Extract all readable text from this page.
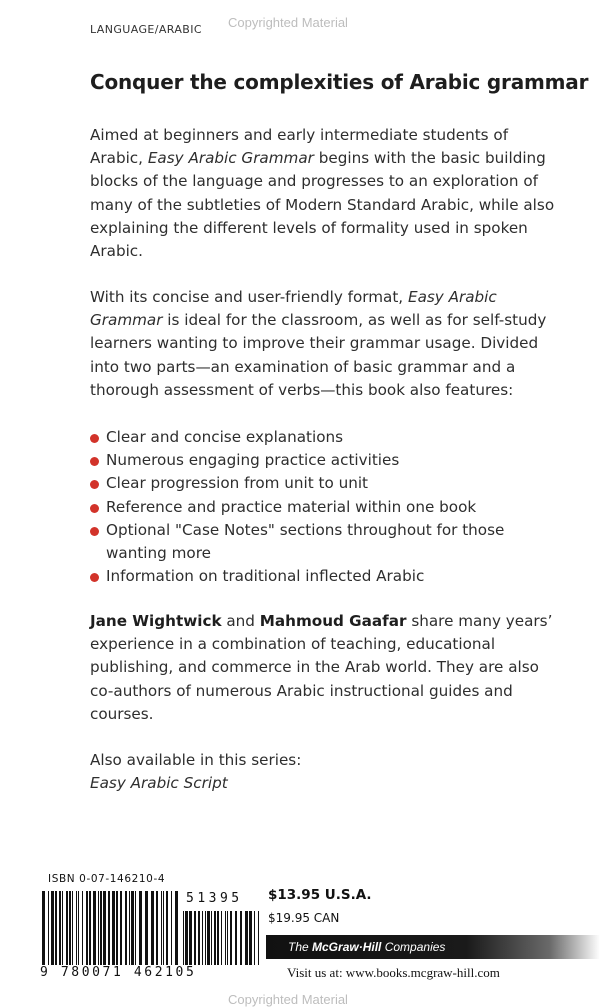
Copyrighted Material
LANGUAGE/ARABIC
Conquer the complexities of Arabic grammar

Aimed at beginners and early intermediate students of Arabic, Easy Arabic Grammar begins with the basic building blocks of the language and progresses to an exploration of many of the subtleties of Modern Standard Arabic, while also explaining the different levels of formality used in spoken Arabic.

With its concise and user-friendly format, Easy Arabic Grammar is ideal for the classroom, as well as for self-study learners wanting to improve their grammar usage. Divided into two parts—an examination of basic grammar and a thorough assessment of verbs—this book also features:

Clear and concise explanations
Numerous engaging practice activities
Clear progression from unit to unit
Reference and practice material within one book
Optional "Case Notes" sections throughout for those wanting more
Information on traditional inflected Arabic

Jane Wightwick and Mahmoud Gaafar share many years’ experience in a combination of teaching, educational publishing, and commerce in the Arab world. They are also co-authors of numerous Arabic instructional guides and courses.

Also available in this series:

Easy Arabic Script

ISBN 0-07-146210-4
51395
9 780071 462105
$13.95 U.S.A.
$19.95 CAN
The McGraw·Hill Companies
Visit us at: www.books.mcgraw-hill.com
Copyrighted Material
